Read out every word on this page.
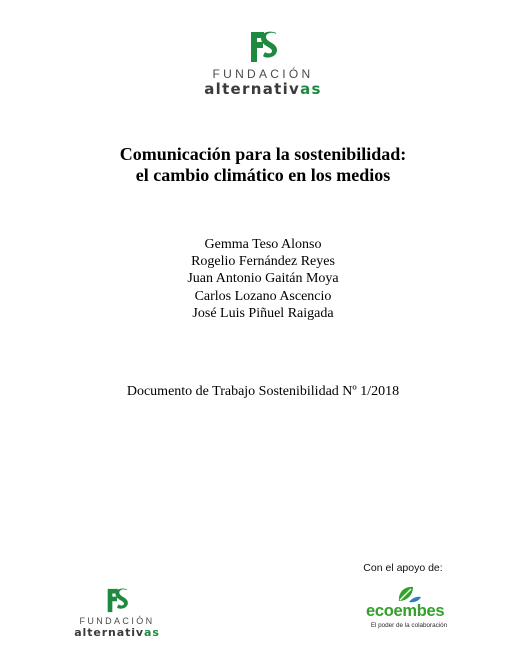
FUNDACIÓN
alternativas
Comunicación para la sostenibilidad:
el cambio climático en los medios
Gemma Teso Alonso
Rogelio Fernández Reyes
Juan Antonio Gaitán Moya
Carlos Lozano Ascencio
José Luis Piñuel Raigada
Documento de Trabajo Sostenibilidad Nº 1/2018
FUNDACIÓN
alternativas
Con el apoyo de:
ecoembes
El poder de la colaboración
